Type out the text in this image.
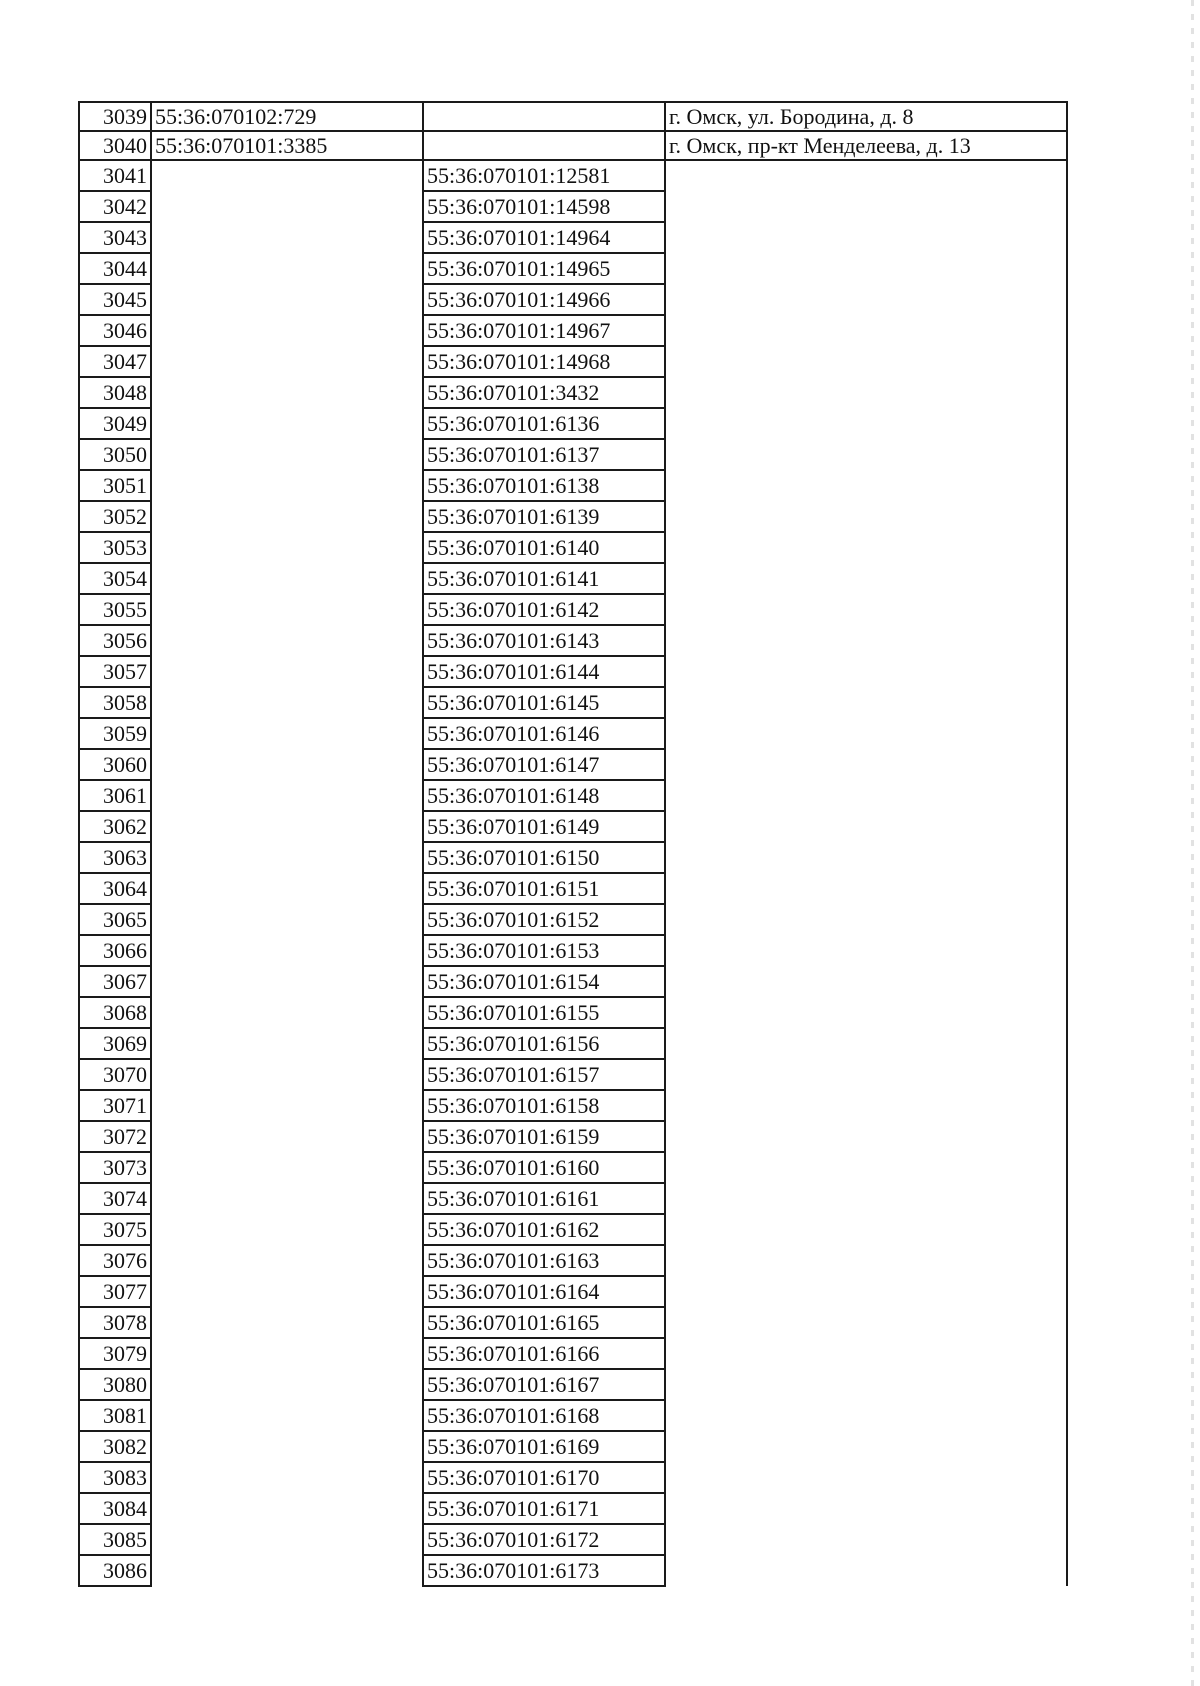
3039	55:36:070102:729		г. Омск, ул. Бородина, д. 8
3040	55:36:070101:3385		г. Омск, пр-кт Менделеева, д. 13
3041		55:36:070101:12581	
3042		55:36:070101:14598	
3043		55:36:070101:14964	
3044		55:36:070101:14965	
3045		55:36:070101:14966	
3046		55:36:070101:14967	
3047		55:36:070101:14968	
3048		55:36:070101:3432	
3049		55:36:070101:6136	
3050		55:36:070101:6137	
3051		55:36:070101:6138	
3052		55:36:070101:6139	
3053		55:36:070101:6140	
3054		55:36:070101:6141	
3055		55:36:070101:6142	
3056		55:36:070101:6143	
3057		55:36:070101:6144	
3058		55:36:070101:6145	
3059		55:36:070101:6146	
3060		55:36:070101:6147	
3061		55:36:070101:6148	
3062		55:36:070101:6149	
3063		55:36:070101:6150	
3064		55:36:070101:6151	
3065		55:36:070101:6152	
3066		55:36:070101:6153	
3067		55:36:070101:6154	
3068		55:36:070101:6155	
3069		55:36:070101:6156	
3070		55:36:070101:6157	
3071		55:36:070101:6158	
3072		55:36:070101:6159	
3073		55:36:070101:6160	
3074		55:36:070101:6161	
3075		55:36:070101:6162	
3076		55:36:070101:6163	
3077		55:36:070101:6164	
3078		55:36:070101:6165	
3079		55:36:070101:6166	
3080		55:36:070101:6167	
3081		55:36:070101:6168	
3082		55:36:070101:6169	
3083		55:36:070101:6170	
3084		55:36:070101:6171	
3085		55:36:070101:6172	
3086		55:36:070101:6173	
